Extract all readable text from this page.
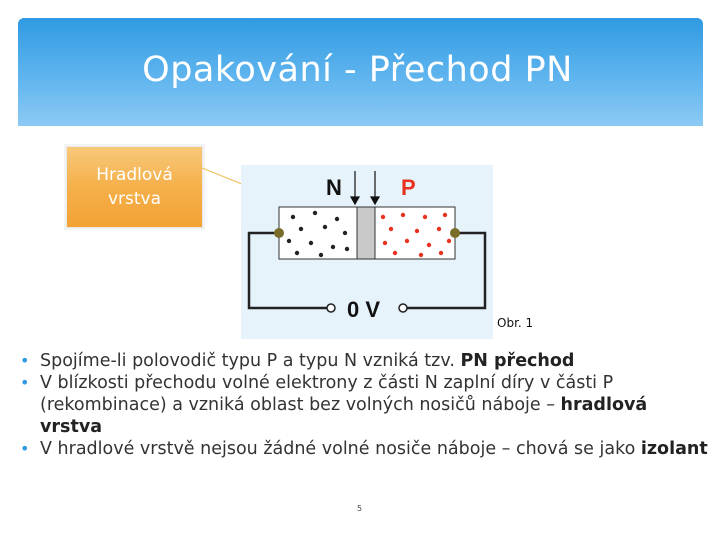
Opakování - Přechod PN
Hradlová vrstva	N	P
0 V
Obr. 1
• Spojíme-li polovodič typu P a typu N vzniká tzv. PN přechod
• V blízkosti přechodu volné elektrony z části N zaplní díry v části P (rekombinace) a vzniká oblast bez volných nosičů náboje – hradlová vrstva
• V hradlové vrstvě nejsou žádné volné nosiče náboje – chová se jako izolant
5
